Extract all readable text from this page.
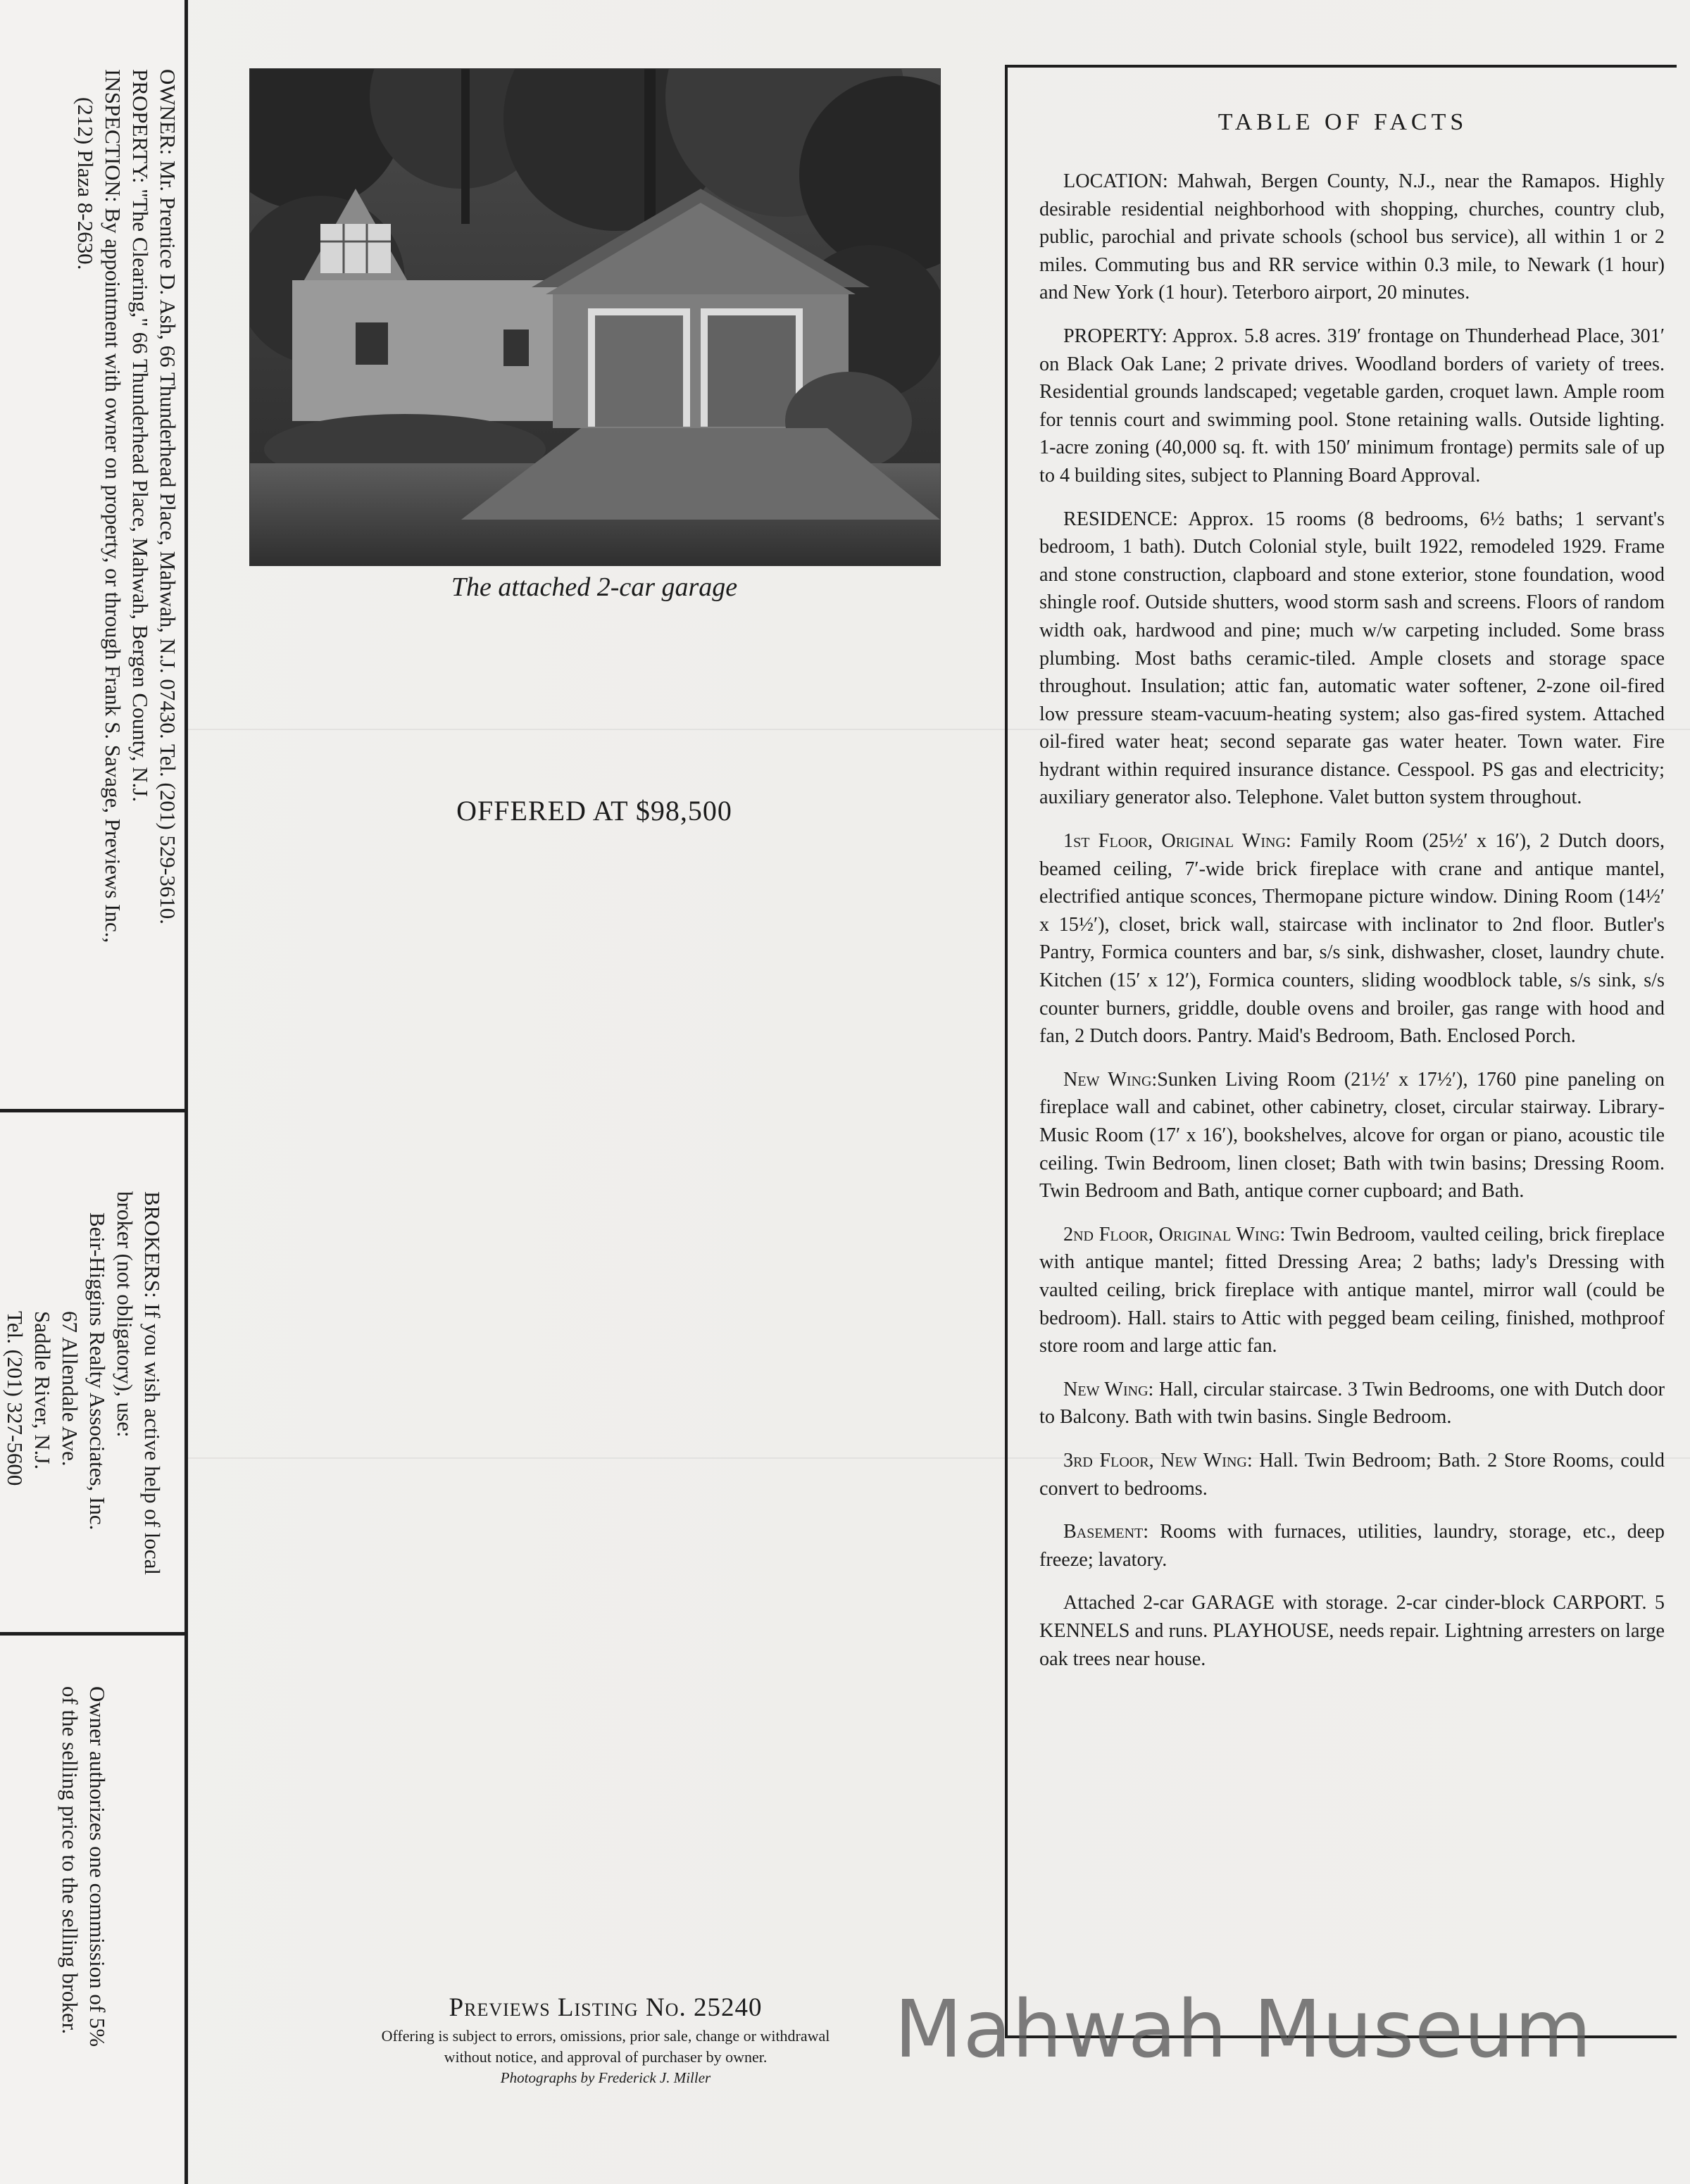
OWNER: Mr. Prentice D. Ash, 66 Thunderhead Place, Mahwah, N.J. 07430. Tel. (201) 529-3610.

PROPERTY: "The Clearing," 66 Thunderhead Place, Mahwah, Bergen County, N.J.

INSPECTION: By appointment with owner on property, or through Frank S. Savage, Previews Inc.,

(212) Plaza 8-2630.

BROKERS: If you wish active help of local broker (not obligatory), use:

Beir-Higgins Realty Associates, Inc.

67 Allendale Ave.

Saddle River, N.J.

Tel. (201) 327-5600

Owner authorizes one commission of 5%

of the selling price to the selling broker.

The attached 2-car garage
OFFERED AT $98,500
Previews Listing No. 25240
Offering is subject to errors, omissions, prior sale, change or withdrawal
without notice, and approval of purchaser by owner.
Photographs by Frederick J. Miller
TABLE OF FACTS

LOCATION: Mahwah, Bergen County, N.J., near the Ramapos. Highly desirable residential neighborhood with shopping, churches, country club, public, parochial and private schools (school bus service), all within 1 or 2 miles. Commuting bus and RR service within 0.3 mile, to Newark (1 hour) and New York (1 hour). Teterboro airport, 20 minutes.

PROPERTY: Approx. 5.8 acres. 319′ frontage on Thunderhead Place, 301′ on Black Oak Lane; 2 private drives. Woodland borders of variety of trees. Residential grounds landscaped; vegetable garden, croquet lawn. Ample room for tennis court and swimming pool. Stone retaining walls. Outside lighting. 1-acre zoning (40,000 sq. ft. with 150′ minimum frontage) permits sale of up to 4 building sites, subject to Planning Board Approval.

RESIDENCE: Approx. 15 rooms (8 bedrooms, 6½ baths; 1 servant's bedroom, 1 bath). Dutch Colonial style, built 1922, remodeled 1929. Frame and stone construction, clapboard and stone exterior, stone foundation, wood shingle roof. Outside shutters, wood storm sash and screens. Floors of random width oak, hardwood and pine; much w/w carpeting included. Some brass plumbing. Most baths ceramic-tiled. Ample closets and storage space throughout. Insulation; attic fan, automatic water softener, 2-zone oil-fired low pressure steam-vacuum-heating system; also gas-fired system. Attached oil-fired water heat; second separate gas water heater. Town water. Fire hydrant within required insurance distance. Cesspool. PS gas and electricity; auxiliary generator also. Telephone. Valet button system throughout.

1st Floor, Original Wing: Family Room (25½′ x 16′), 2 Dutch doors, beamed ceiling, 7′-wide brick fireplace with crane and antique mantel, electrified antique sconces, Thermopane picture window. Dining Room (14½′ x 15½′), closet, brick wall, staircase with inclinator to 2nd floor. Butler's Pantry, Formica counters and bar, s/s sink, dishwasher, closet, laundry chute. Kitchen (15′ x 12′), Formica counters, sliding woodblock table, s/s sink, s/s counter burners, griddle, double ovens and broiler, gas range with hood and fan, 2 Dutch doors. Pantry. Maid's Bedroom, Bath. Enclosed Porch.

New Wing:Sunken Living Room (21½′ x 17½′), 1760 pine paneling on fireplace wall and cabinet, other cabinetry, closet, circular stairway. Library-Music Room (17′ x 16′), bookshelves, alcove for organ or piano, acoustic tile ceiling. Twin Bedroom, linen closet; Bath with twin basins; Dressing Room. Twin Bedroom and Bath, antique corner cupboard; and Bath.

2nd Floor, Original Wing: Twin Bedroom, vaulted ceiling, brick fireplace with antique mantel; fitted Dressing Area; 2 baths; lady's Dressing with vaulted ceiling, brick fireplace with antique mantel, mirror wall (could be bedroom). Hall. stairs to Attic with pegged beam ceiling, finished, mothproof store room and large attic fan.

New Wing: Hall, circular staircase. 3 Twin Bedrooms, one with Dutch door to Balcony. Bath with twin basins. Single Bedroom.

3rd Floor, New Wing: Hall. Twin Bedroom; Bath. 2 Store Rooms, could convert to bedrooms.

Basement: Rooms with furnaces, utilities, laundry, storage, etc., deep freeze; lavatory.

Attached 2-car GARAGE with storage. 2-car cinder-block CARPORT. 5 KENNELS and runs. PLAYHOUSE, needs repair. Lightning arresters on large oak trees near house.

Mahwah Museum
